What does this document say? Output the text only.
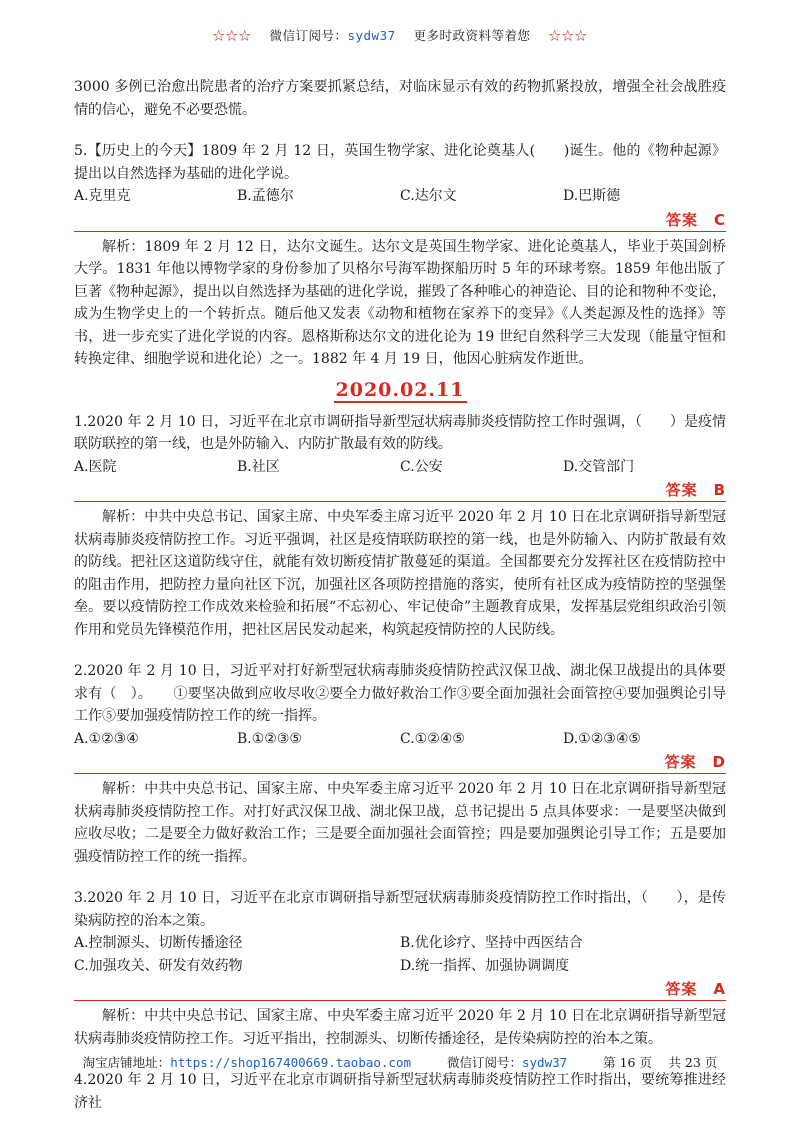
☆☆☆ 微信订阅号：sydw37 更多时政资料等着您 ☆☆☆

3000 多例已治愈出院患者的治疗方案要抓紧总结，对临床显示有效的药物抓紧投放，增强全社会战胜疫情的信心，避免不必要恐慌。

5.【历史上的今天】1809 年 2 月 12 日，英国生物学家、进化论奠基人(　　)诞生。他的《物种起源》提出以自然选择为基础的进化学说。

A.克里克	B.孟德尔	C.达尔文	D.巴斯德
答案　C

解析：1809 年 2 月 12 日，达尔文诞生。达尔文是英国生物学家、进化论奠基人，毕业于英国剑桥大学。1831 年他以博物学家的身份参加了贝格尔号海军勘探船历时 5 年的环球考察。1859 年他出版了巨著《物种起源》，提出以自然选择为基础的进化学说，摧毁了各种唯心的神造论、目的论和物种不变论，成为生物学史上的一个转折点。随后他又发表《动物和植物在家养下的变异》《人类起源及性的选择》等书，进一步充实了进化学说的内容。恩格斯称达尔文的进化论为 19 世纪自然科学三大发现（能量守恒和转换定律、细胞学说和进化论）之一。1882 年 4 月 19 日，他因心脏病发作逝世。

2020.02.11

1.2020 年 2 月 10 日，习近平在北京市调研指导新型冠状病毒肺炎疫情防控工作时强调，（　　）是疫情联防联控的第一线，也是外防输入、内防扩散最有效的防线。

A.医院	B.社区	C.公安	D.交管部门
答案　B

解析：中共中央总书记、国家主席、中央军委主席习近平 2020 年 2 月 10 日在北京调研指导新型冠状病毒肺炎疫情防控工作。习近平强调，社区是疫情联防联控的第一线，也是外防输入、内防扩散最有效的防线。把社区这道防线守住，就能有效切断疫情扩散蔓延的渠道。全国都要充分发挥社区在疫情防控中的阻击作用，把防控力量向社区下沉，加强社区各项防控措施的落实，使所有社区成为疫情防控的坚强堡垒。要以疫情防控工作成效来检验和拓展“不忘初心、牢记使命”主题教育成果，发挥基层党组织政治引领作用和党员先锋模范作用，把社区居民发动起来，构筑起疫情防控的人民防线。

2.2020 年 2 月 10 日，习近平对打好新型冠状病毒肺炎疫情防控武汉保卫战、湖北保卫战提出的具体要求有（　）。　　①要坚决做到应收尽收②要全力做好救治工作③要全面加强社会面管控④要加强舆论引导工作⑤要加强疫情防控工作的统一指挥。

A.①②③④	B.①②③⑤	C.①②④⑤	D.①②③④⑤
答案　D

解析：中共中央总书记、国家主席、中央军委主席习近平 2020 年 2 月 10 日在北京调研指导新型冠状病毒肺炎疫情防控工作。对打好武汉保卫战、湖北保卫战，总书记提出 5 点具体要求：一是要坚决做到应收尽收；二是要全力做好救治工作；三是要全面加强社会面管控；四是要加强舆论引导工作；五是要加强疫情防控工作的统一指挥。

3.2020 年 2 月 10 日，习近平在北京市调研指导新型冠状病毒肺炎疫情防控工作时指出，（　　），是传染病防控的治本之策。

A.控制源头、切断传播途径	B.优化诊疗、坚持中西医结合
C.加强攻关、研发有效药物	D.统一指挥、加强协调调度
答案　A

解析：中共中央总书记、国家主席、中央军委主席习近平 2020 年 2 月 10 日在北京调研指导新型冠状病毒肺炎疫情防控工作。习近平指出，控制源头、切断传播途径，是传染病防控的治本之策。

4.2020 年 2 月 10 日，习近平在北京市调研指导新型冠状病毒肺炎疫情防控工作时指出，要统筹推进经济社

淘宝店铺地址：https://shop167400669.taobao.com	微信订阅号：sydw37	第 16 页　 共 23 页
